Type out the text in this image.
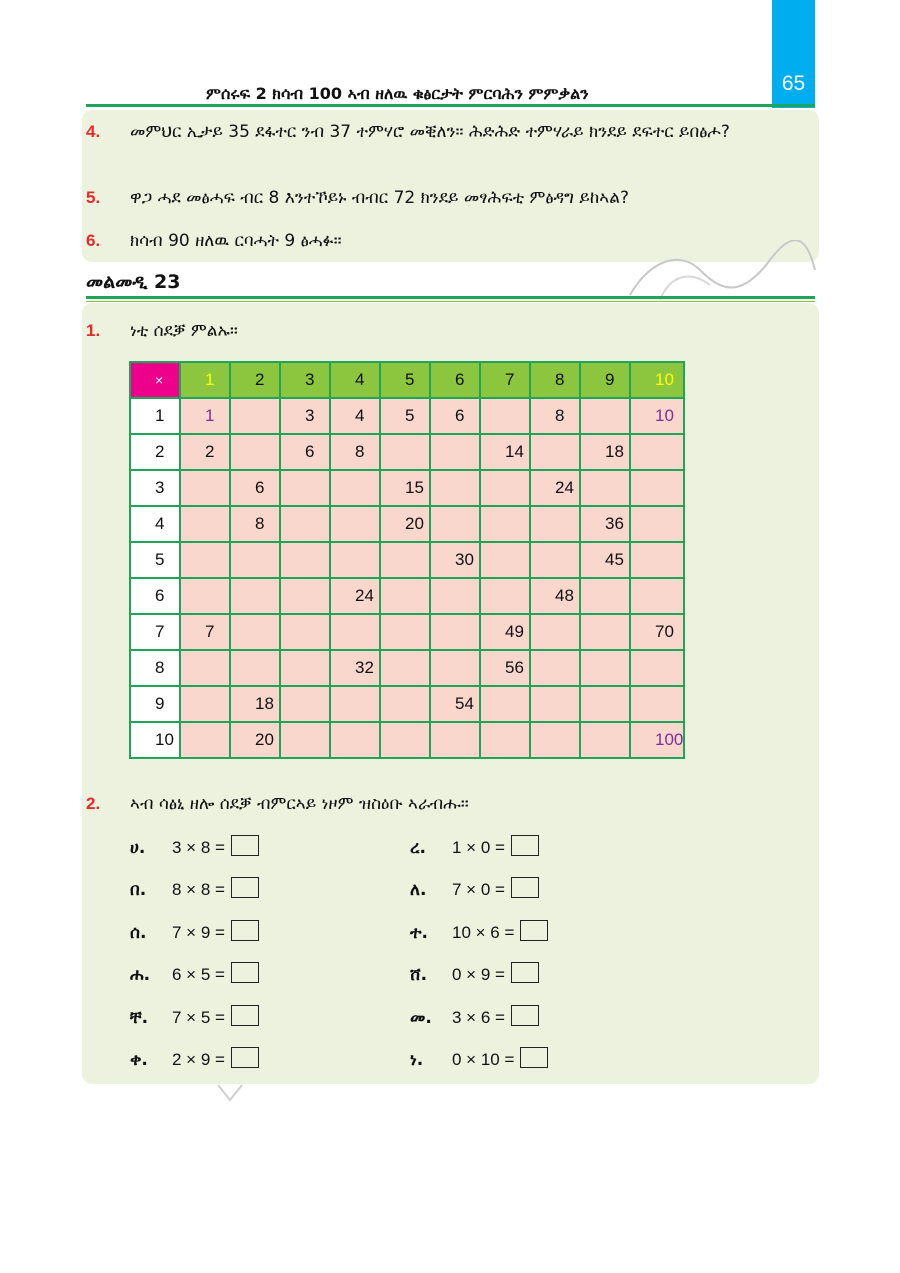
65
ምሰሩፍ 2 ክሳብ 100 ኣብ ዘለዉ ቁፅርታት ምርባሕን ምምቃልን
4. መምህር ኢታይ 35 ደፋተር ንብ 37 ተምሃሮ መቒለን። ሕድሕድ ተምሃራይ ክንደይ ደፍተር ይበፅሖ?
5. ዋጋ ሓደ መፅሓፍ ብር 8 እንተኾይኑ ብብር 72 ክንደይ መፃሕፍቲ ምፅዳግ ይከኣል?
6. ክሳብ 90 ዘለዉ ርባሓት 9 ፅሓፉ።
መልመዲ 23
1. ነቲ ሰደቓ ምልኡ።
×	1	2	3	4	5	6	7	8	9	10
1	1		3	4	5	6		8		10
2	2		6	8			14		18	
3		6			15			24		
4		8			20				36	
5						30			45	
6				24				48		
7	7						49			70
8				32			56			
9		18				54				
10		20								100
2. ኣብ ሳፅኒ ዘሎ ሰደቓ ብምርኣይ ነዞም ዝስዕቡ ኣራብሑ።
ሀ. 3 × 8 =
በ. 8 × 8 =
ሰ. 7 × 9 =
ሐ. 6 × 5 =
ቸ. 7 × 5 =
ቀ. 2 × 9 =
ረ. 1 × 0 =
ለ. 7 × 0 =
ተ. 10 × 6 =
ሸ. 0 × 9 =
መ. 3 × 6 =
ነ. 0 × 10 =
